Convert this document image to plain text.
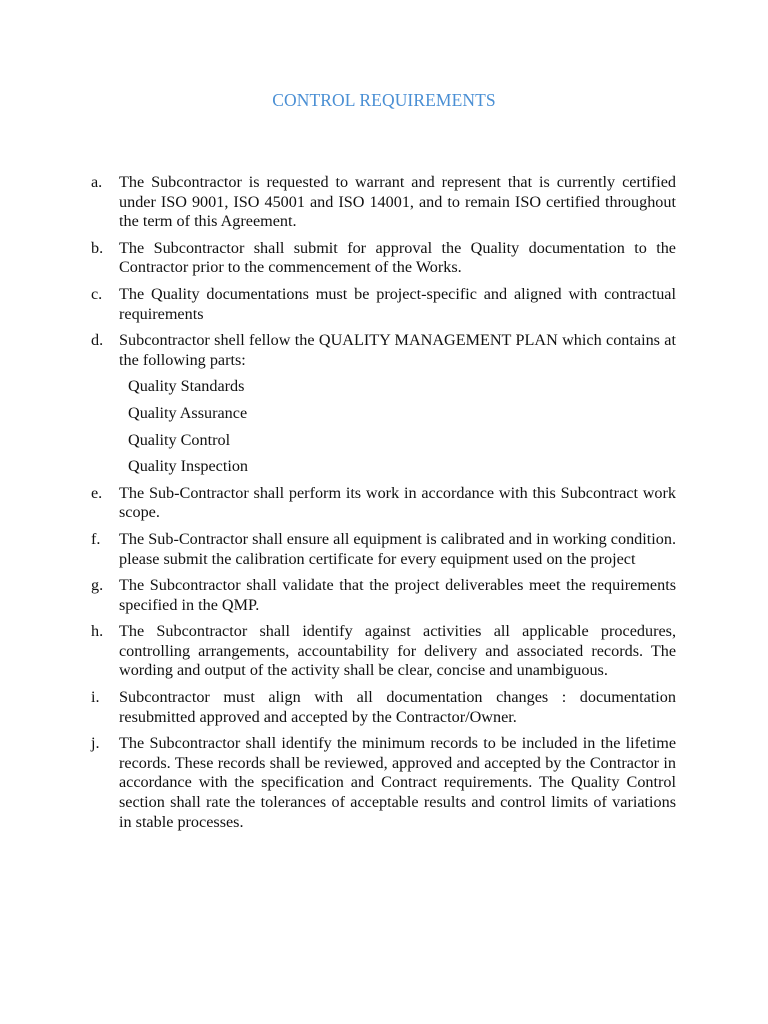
CONTROL REQUIREMENTS
a. The Subcontractor is requested to warrant and represent that is currently certified under ISO 9001, ISO 45001 and ISO 14001, and to remain ISO certified throughout the term of this Agreement.
b. The Subcontractor shall submit for approval the Quality documentation to the Contractor prior to the commencement of the Works.
c. The Quality documentations must be project-specific and aligned with contractual requirements
d. Subcontractor shell fellow the QUALITY MANAGEMENT PLAN which contains at the following parts:
Quality Standards
Quality Assurance
Quality Control
Quality Inspection
e. The Sub-Contractor shall perform its work in accordance with this Subcontract work scope.
f. The Sub-Contractor shall ensure all equipment is calibrated and in working condition. please submit the calibration certificate for every equipment used on the project
g. The Subcontractor shall validate that the project deliverables meet the requirements specified in the QMP.
h. The Subcontractor shall identify against activities all applicable procedures, controlling arrangements, accountability for delivery and associated records. The wording and output of the activity shall be clear, concise and unambiguous.
i. Subcontractor must align with all documentation changes : documentation resubmitted approved and accepted by the Contractor/Owner.
j. The Subcontractor shall identify the minimum records to be included in the lifetime records. These records shall be reviewed, approved and accepted by the Contractor in accordance with the specification and Contract requirements. The Quality Control section shall rate the tolerances of acceptable results and control limits of variations in stable processes.
